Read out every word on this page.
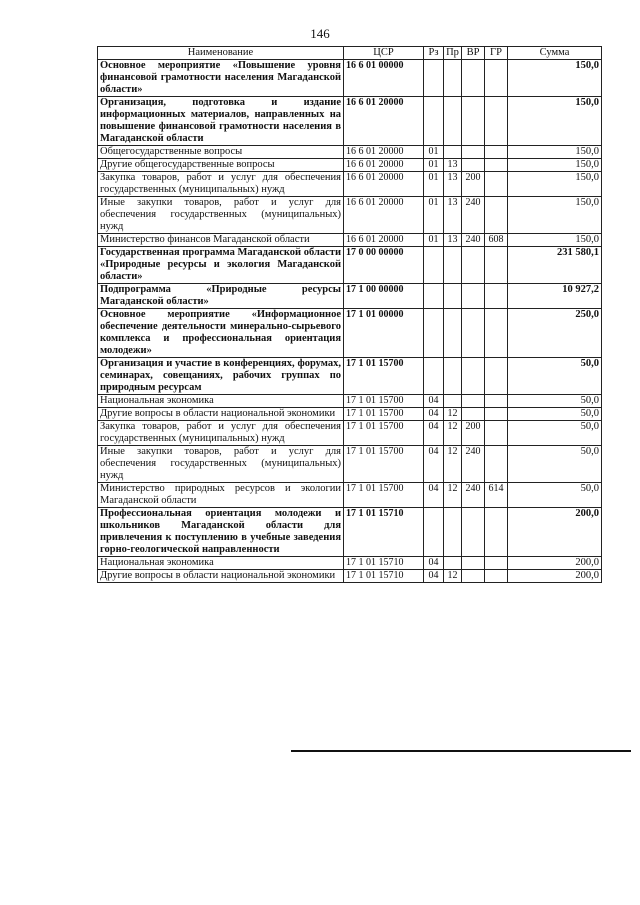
146
Наименование	ЦСР	Рз	Пр	ВР	ГР	Сумма
Основное мероприятие «Повышение уровня финансовой грамотности населения Магаданской области»	16 6 01 00000					150,0
Организация, подготовка и издание информационных материалов, направленных на повышение финансовой грамотности населения в Магаданской области	16 6 01 20000					150,0
Общегосударственные вопросы	16 6 01 20000	01				150,0
Другие общегосударственные вопросы	16 6 01 20000	01	13			150,0
Закупка товаров, работ и услуг для обеспечения государственных (муниципальных) нужд	16 6 01 20000	01	13	200		150,0
Иные закупки товаров, работ и услуг для обеспечения государственных (муниципальных) нужд	16 6 01 20000	01	13	240		150,0
Министерство финансов Магаданской области	16 6 01 20000	01	13	240	608	150,0
Государственная программа Магаданской области «Природные ресурсы и экология Магаданской области»	17 0 00 00000					231 580,1
Подпрограмма «Природные ресурсы Магаданской области»	17 1 00 00000					10 927,2
Основное мероприятие «Информационное обеспечение деятельности минерально-сырьевого комплекса и профессиональная ориентация молодежи»	17 1 01 00000					250,0
Организация и участие в конференциях, форумах, семинарах, совещаниях, рабочих группах по природным ресурсам	17 1 01 15700					50,0
Национальная экономика	17 1 01 15700	04				50,0
Другие вопросы в области национальной экономики	17 1 01 15700	04	12			50,0
Закупка товаров, работ и услуг для обеспечения государственных (муниципальных) нужд	17 1 01 15700	04	12	200		50,0
Иные закупки товаров, работ и услуг для обеспечения государственных (муниципальных) нужд	17 1 01 15700	04	12	240		50,0
Министерство природных ресурсов и экологии Магаданской области	17 1 01 15700	04	12	240	614	50,0
Профессиональная ориентация молодежи и школьников Магаданской области для привлечения к поступлению в учебные заведения горно-геологической направленности	17 1 01 15710					200,0
Национальная экономика	17 1 01 15710	04				200,0
Другие вопросы в области национальной экономики	17 1 01 15710	04	12			200,0
